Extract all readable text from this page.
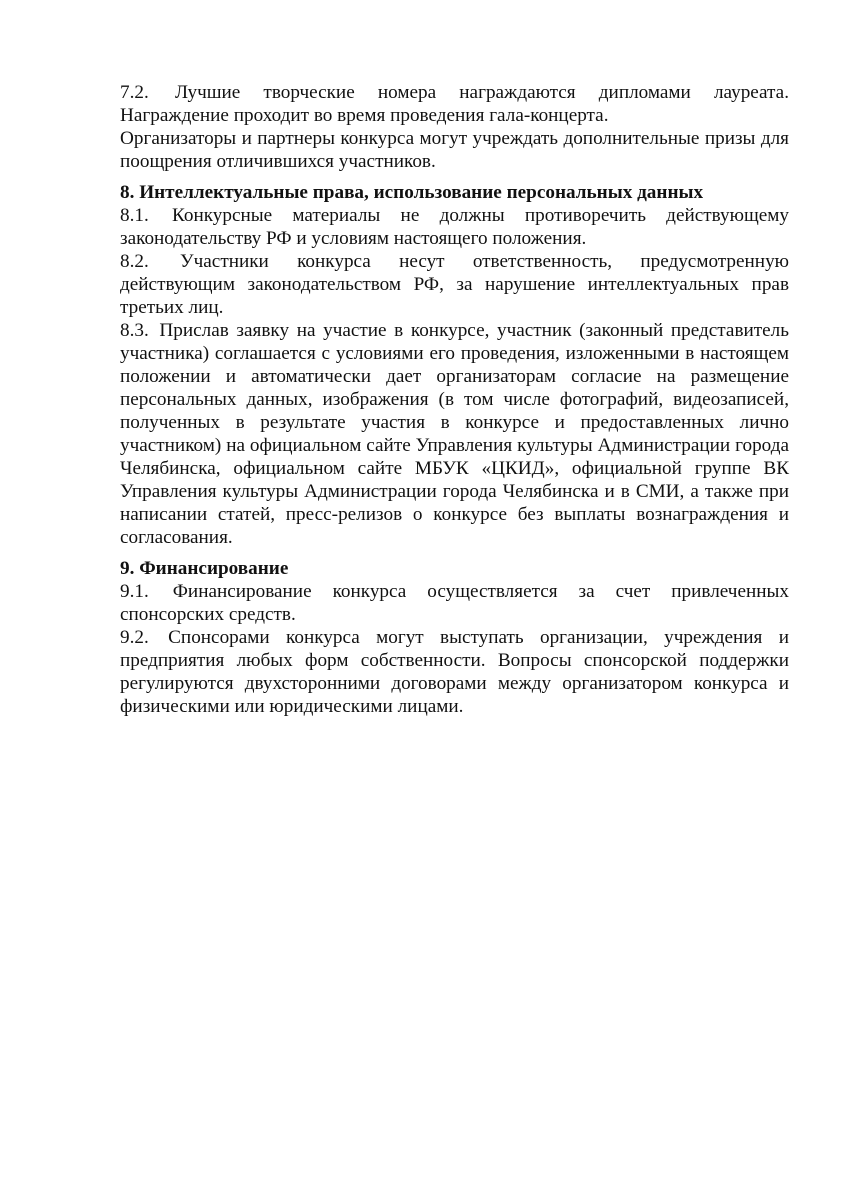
7.2. Лучшие творческие номера награждаются дипломами лауреата. Награждение проходит во время проведения гала-концерта.

Организаторы и партнеры конкурса могут учреждать дополнительные призы для поощрения отличившихся участников.

8. Интеллектуальные права, использование персональных данных

8.1. Конкурсные материалы не должны противоречить действующему законодательству РФ и условиям настоящего положения.

8.2. Участники конкурса несут ответственность, предусмотренную действующим законодательством РФ, за нарушение интеллектуальных прав третьих лиц.

8.3. Прислав заявку на участие в конкурсе, участник (законный представитель участника) соглашается с условиями его проведения, изложенными в настоящем положении и автоматически дает организаторам согласие на размещение персональных данных, изображения (в том числе фотографий, видеозаписей, полученных в результате участия в конкурсе и предоставленных лично участником) на официальном сайте Управления культуры Администрации города Челябинска, официальном сайте МБУК «ЦКИД», официальной группе ВК Управления культуры Администрации города Челябинска и в СМИ, а также при написании статей, пресс-релизов о конкурсе без выплаты вознаграждения и согласования.

9. Финансирование

9.1. Финансирование конкурса осуществляется за счет привлеченных спонсорских средств.

9.2. Спонсорами конкурса могут выступать организации, учреждения и предприятия любых форм собственности. Вопросы спонсорской поддержки регулируются двухсторонними договорами между организатором конкурса и физическими или юридическими лицами.
